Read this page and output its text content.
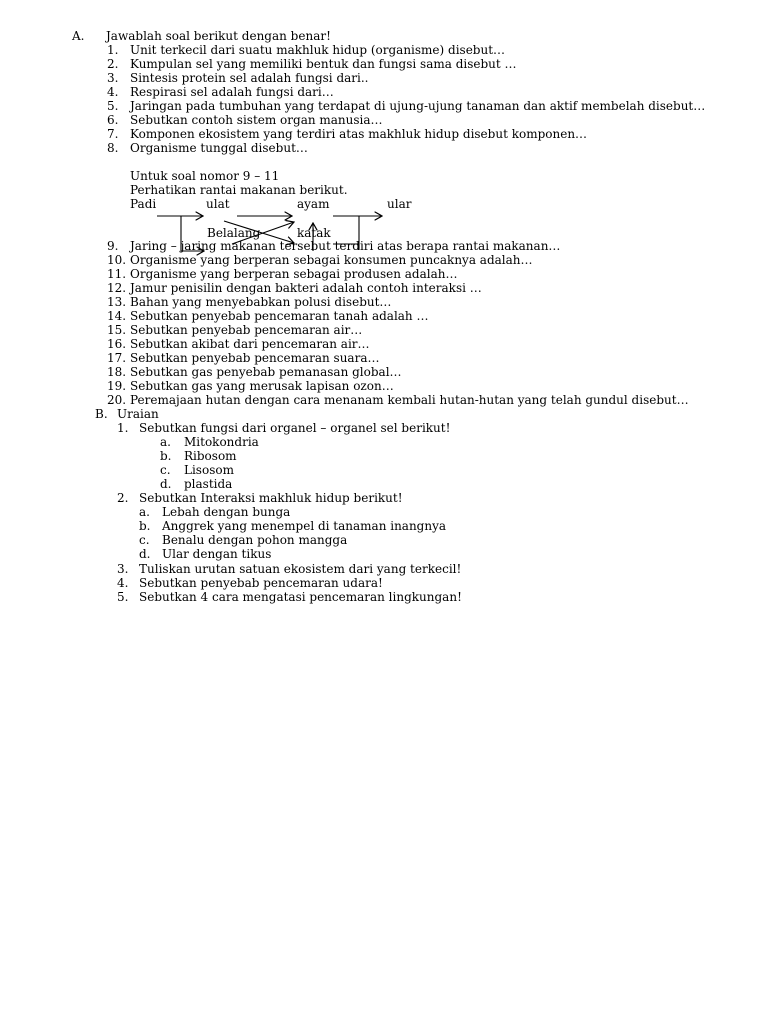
A. Jawablah soal berikut dengan benar!
1. Unit terkecil dari suatu makhluk hidup (organisme) disebut…
2. Kumpulan sel yang memiliki bentuk dan fungsi sama disebut …
3. Sintesis protein sel adalah fungsi dari..
4. Respirasi sel adalah fungsi dari…
5. Jaringan pada tumbuhan yang terdapat di ujung-ujung tanaman dan aktif membelah disebut…
6. Sebutkan contoh sistem organ manusia…
7. Komponen ekosistem yang terdiri atas makhluk hidup disebut komponen…
8. Organisme tunggal disebut…
Untuk soal nomor 9 – 11
Perhatikan rantai makanan berikut.
Padi	ulat	ayam	ular
Belalang	katak
9. Jaring – jaring makanan tersebut terdiri atas berapa rantai makanan…
10. Organisme yang berperan sebagai konsumen puncaknya adalah…
11. Organisme yang berperan sebagai produsen adalah…
12. Jamur penisilin dengan bakteri adalah contoh interaksi …
13. Bahan yang menyebabkan polusi disebut…
14. Sebutkan penyebab pencemaran tanah adalah …
15. Sebutkan penyebab pencemaran air…
16. Sebutkan akibat dari pencemaran air…
17. Sebutkan penyebab pencemaran suara…
18. Sebutkan gas penyebab pemanasan global…
19. Sebutkan gas yang merusak lapisan ozon…
20. Peremajaan hutan dengan cara menanam kembali hutan-hutan yang telah gundul disebut…
B. Uraian
1. Sebutkan fungsi dari organel – organel sel berikut!
a. Mitokondria
b. Ribosom
c. Lisosom
d. plastida
2. Sebutkan Interaksi makhluk hidup berikut!
a. Lebah dengan bunga
b. Anggrek yang menempel di tanaman inangnya
c. Benalu dengan pohon mangga
d. Ular dengan tikus
3. Tuliskan urutan satuan ekosistem dari yang terkecil!
4. Sebutkan penyebab pencemaran udara!
5. Sebutkan 4 cara mengatasi pencemaran lingkungan!
